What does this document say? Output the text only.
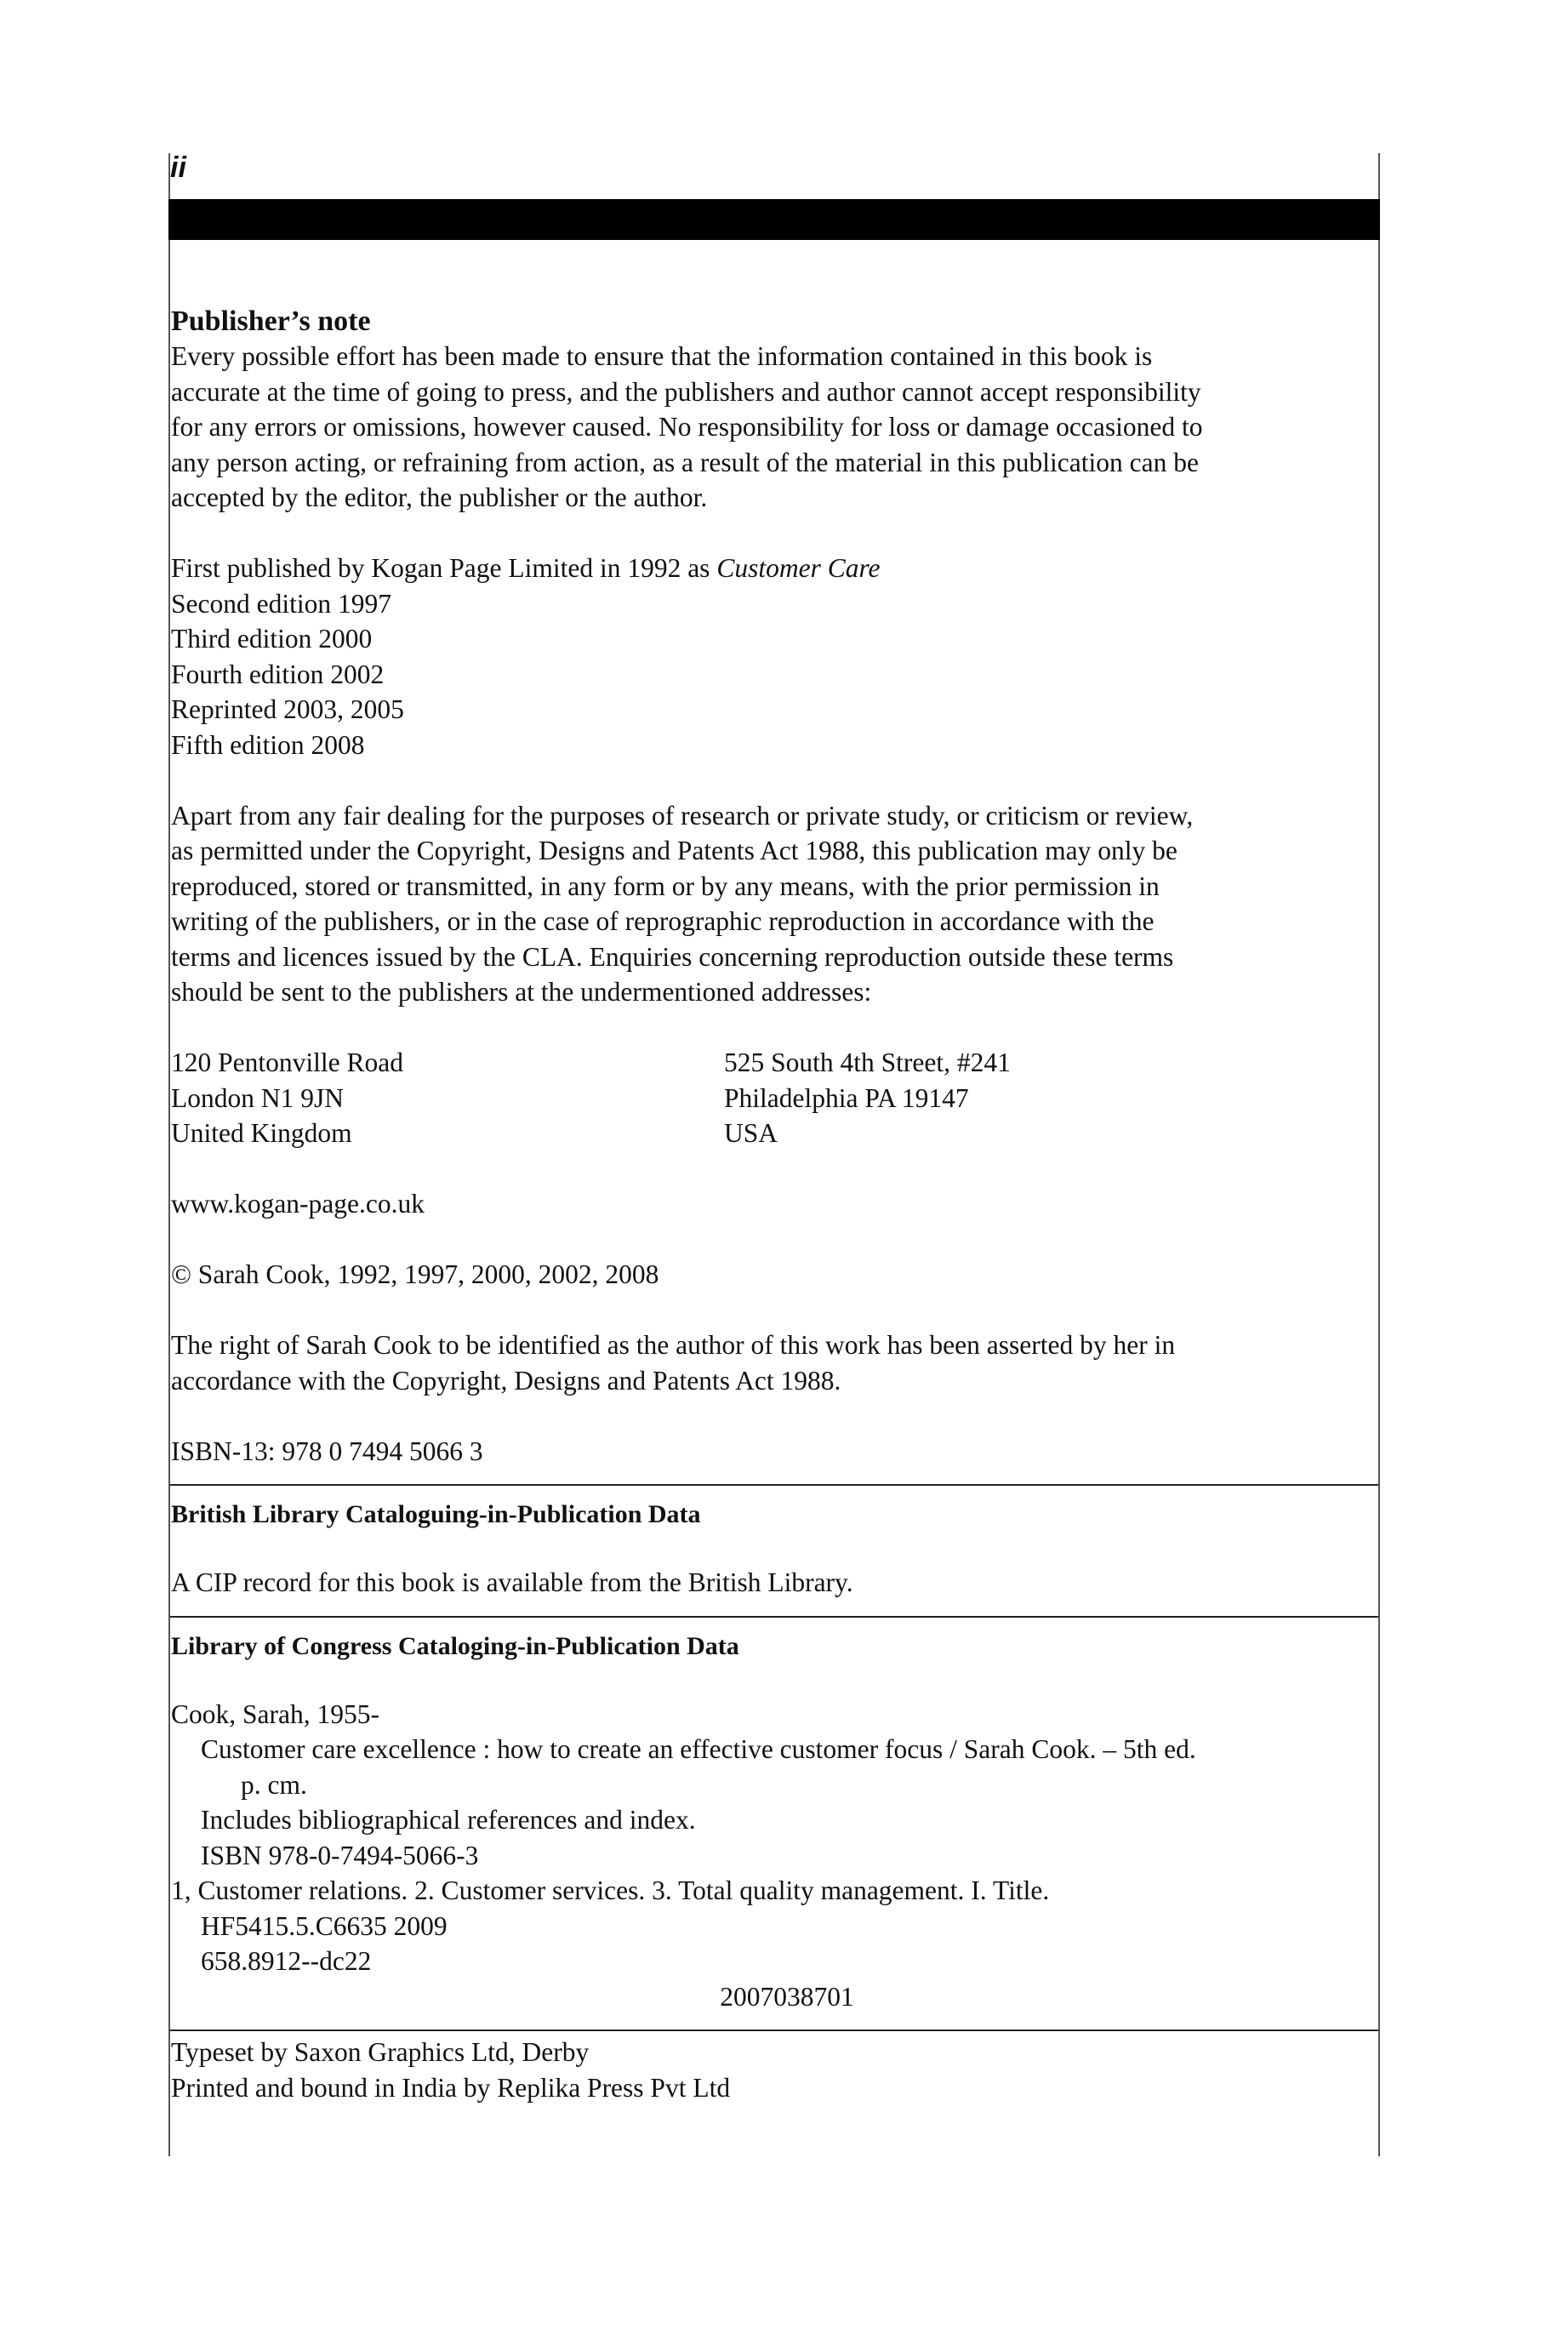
ii

Publisher’s note

Every possible effort has been made to ensure that the information contained in this book is

accurate at the time of going to press, and the publishers and author cannot accept responsibility

for any errors or omissions, however caused. No responsibility for loss or damage occasioned to

any person acting, or refraining from action, as a result of the material in this publication can be

accepted by the editor, the publisher or the author.

First published by Kogan Page Limited in 1992 as Customer Care

Second edition 1997

Third edition 2000

Fourth edition 2002

Reprinted 2003, 2005

Fifth edition 2008

Apart from any fair dealing for the purposes of research or private study, or criticism or review,

as permitted under the Copyright, Designs and Patents Act 1988, this publication may only be

reproduced, stored or transmitted, in any form or by any means, with the prior permission in

writing of the publishers, or in the case of reprographic reproduction in accordance with the

terms and licences issued by the CLA. Enquiries concerning reproduction outside these terms

should be sent to the publishers at the undermentioned addresses:

120 Pentonville Road

London N1 9JN

United Kingdom

525 South 4th Street, #241

Philadelphia PA 19147

USA

www.kogan-page.co.uk

© Sarah Cook, 1992, 1997, 2000, 2002, 2008

The right of Sarah Cook to be identified as the author of this work has been asserted by her in

accordance with the Copyright, Designs and Patents Act 1988.

ISBN-13: 978 0 7494 5066 3

British Library Cataloguing-in-Publication Data

A CIP record for this book is available from the British Library.

Library of Congress Cataloging-in-Publication Data

Cook, Sarah, 1955-

Customer care excellence : how to create an effective customer focus / Sarah Cook. – 5th ed.

p. cm.

Includes bibliographical references and index.

ISBN 978-0-7494-5066-3

1, Customer relations. 2. Customer services. 3. Total quality management. I. Title.

HF5415.5.C6635 2009

658.8912--dc22

2007038701

Typeset by Saxon Graphics Ltd, Derby

Printed and bound in India by Replika Press Pvt Ltd
